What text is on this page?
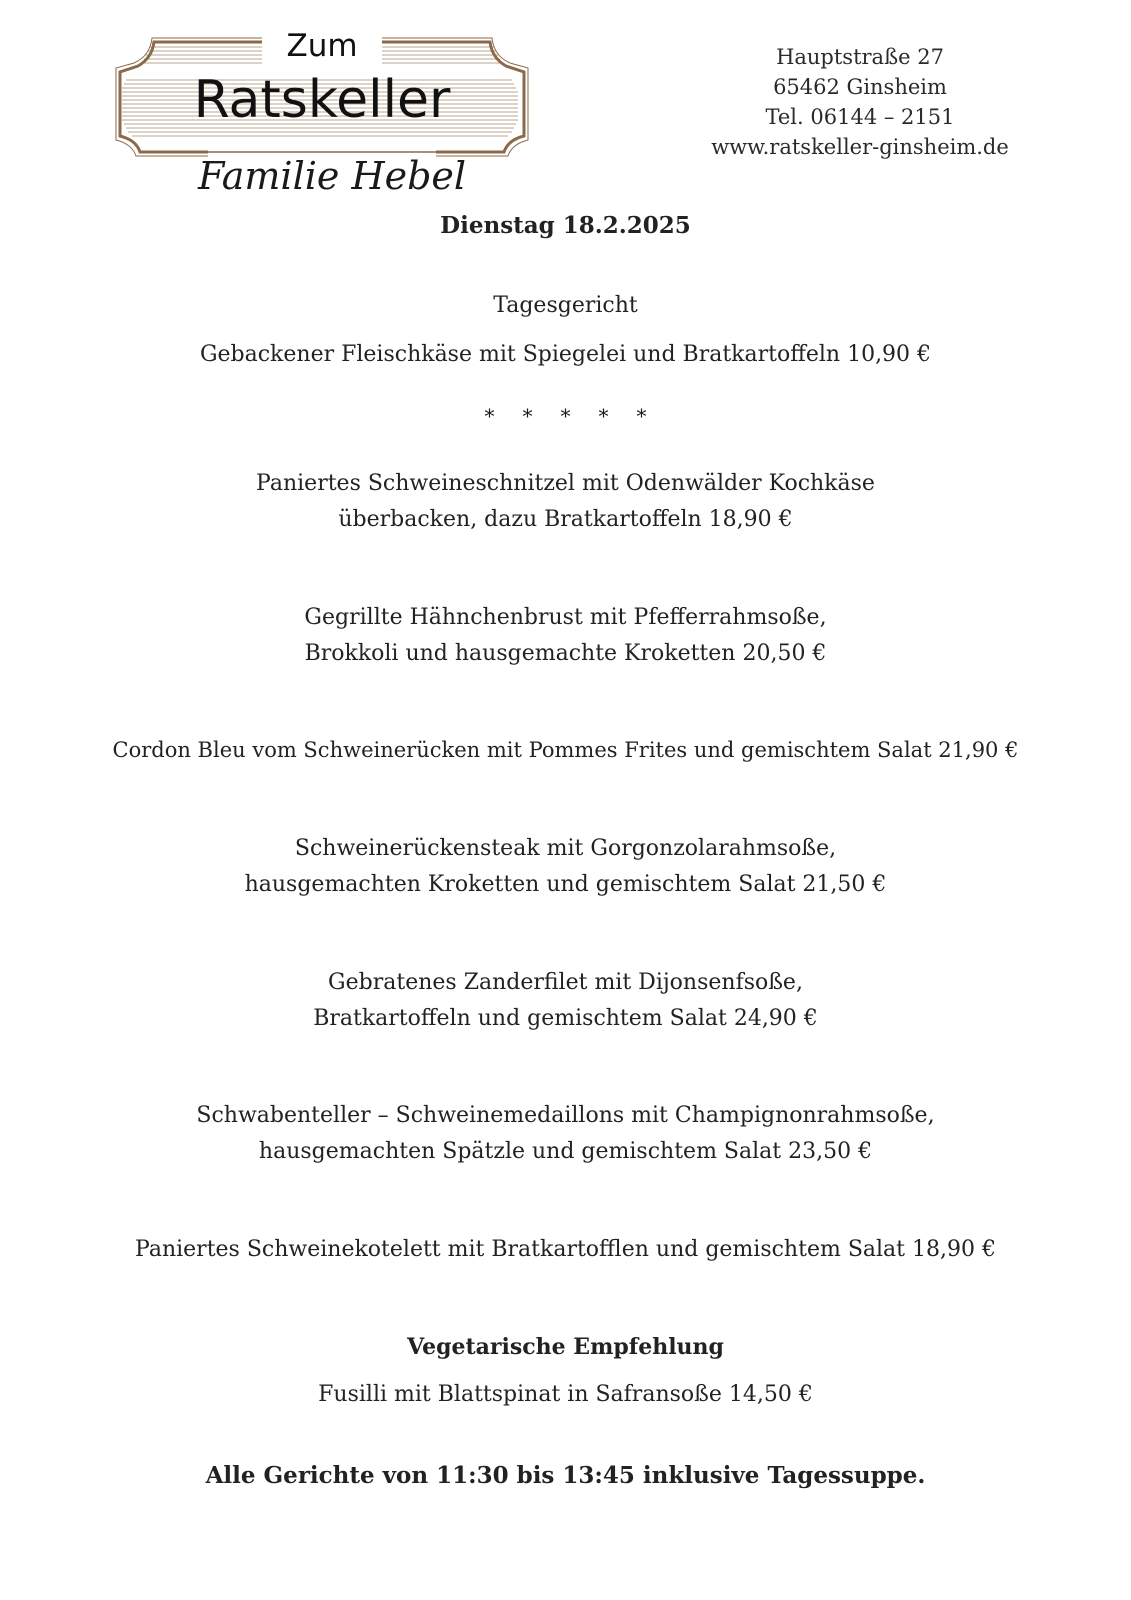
Zum
Ratskeller
Familie Hebel
Hauptstraße 27
65462 Ginsheim
Tel. 06144 – 2151
www.ratskeller-ginsheim.de
Dienstag 18.2.2025
Tagesgericht
Gebackener Fleischkäse mit Spiegelei und Bratkartoffeln 10,90 €
* * * * *
Paniertes Schweineschnitzel mit Odenwälder Kochkäse
überbacken, dazu Bratkartoffeln 18,90 €
Gegrillte Hähnchenbrust mit Pfefferrahmsoße,
Brokkoli und hausgemachte Kroketten 20,50 €
Cordon Bleu vom Schweinerücken mit Pommes Frites und gemischtem Salat 21,90 €
Schweinerückensteak mit Gorgonzolarahmsoße,
hausgemachten Kroketten und gemischtem Salat 21,50 €
Gebratenes Zanderfilet mit Dijonsenfsoße,
Bratkartoffeln und gemischtem Salat 24,90 €
Schwabenteller – Schweinemedaillons mit Champignonrahmsoße,
hausgemachten Spätzle und gemischtem Salat 23,50 €
Paniertes Schweinekotelett mit Bratkartofflen und gemischtem Salat 18,90 €
Vegetarische Empfehlung
Fusilli mit Blattspinat in Safransoße 14,50 €
Alle Gerichte von 11:30 bis 13:45 inklusive Tagessuppe.
